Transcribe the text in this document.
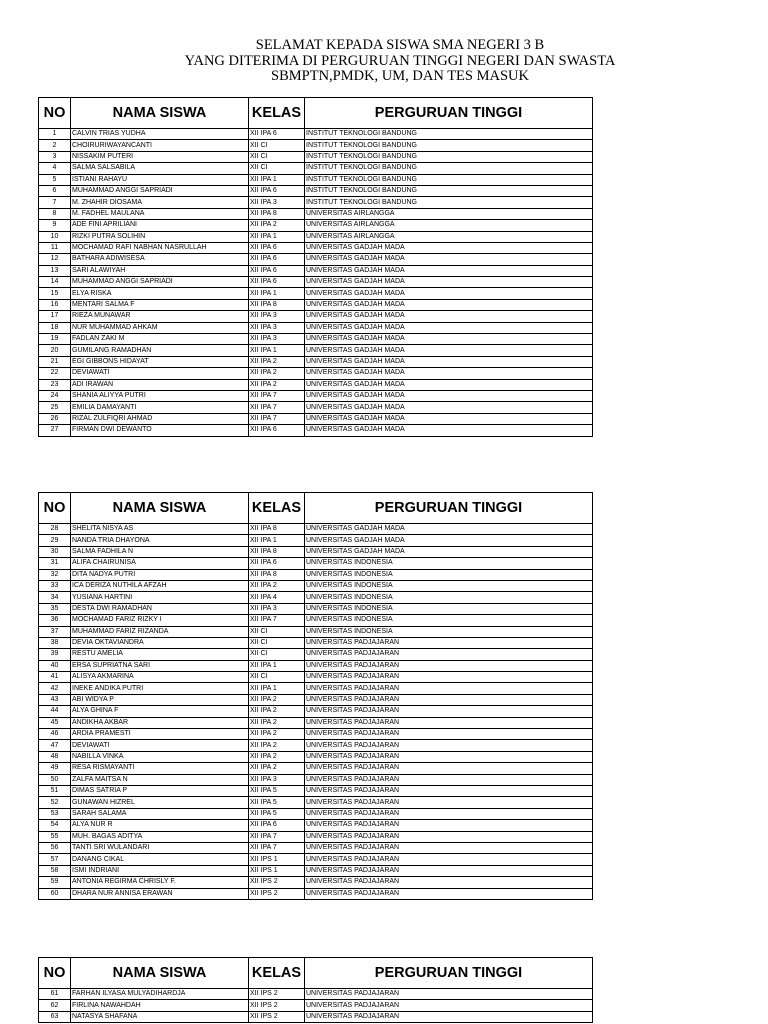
SELAMAT KEPADA SISWA SMA NEGERI 3 B
YANG DITERIMA DI PERGURUAN TINGGI NEGERI DAN SWASTA
SBMPTN,PMDK, UM, DAN TES MASUK
NO	NAMA SISWA	KELAS	PERGURUAN TINGGI
1	CALVIN TRIAS YUDHA	XII IPA 6	INSTITUT TEKNOLOGI BANDUNG
2	CHOIRURIWAYANCANTI	XII CI	INSTITUT TEKNOLOGI BANDUNG
3	NISSAKIM PUTERI	XII CI	INSTITUT TEKNOLOGI BANDUNG
4	SALMA SALSABILA	XII CI	INSTITUT TEKNOLOGI BANDUNG
5	ISTIANI RAHAYU	XII IPA 1	INSTITUT TEKNOLOGI BANDUNG
6	MUHAMMAD ANGGI SAPRIADI	XII IPA 6	INSTITUT TEKNOLOGI BANDUNG
7	M. ZHAHIR DIOSAMA	XII IPA 3	INSTITUT TEKNOLOGI BANDUNG
8	M. FADHEL MAULANA	XII IPA 8	UNIVERSITAS AIRLANGGA
9	ADE FINI APRILIANI	XII IPA 2	UNIVERSITAS AIRLANGGA
10	RIZKI PUTRA SOLIHIN	XII IPA 1	UNIVERSITAS AIRLANGGA
11	MOCHAMAD RAFI NABHAN NASRULLAH	XII IPA 6	UNIVERSITAS GADJAH MADA
12	BATHARA ADIWISESA	XII IPA 6	UNIVERSITAS GADJAH MADA
13	SARI ALAWIYAH	XII IPA 6	UNIVERSITAS GADJAH MADA
14	MUHAMMAD ANGGI SAPRIADI	XII IPA 6	UNIVERSITAS GADJAH MADA
15	ELYA RISKA	XII IPA 1	UNIVERSITAS GADJAH MADA
16	MENTARI SALMA F	XII IPA 8	UNIVERSITAS GADJAH MADA
17	RIEZA MUNAWAR	XII IPA 3	UNIVERSITAS GADJAH MADA
18	NUR MUHAMMAD AHKAM	XII IPA 3	UNIVERSITAS GADJAH MADA
19	FADLAN ZAKI M	XII IPA 3	UNIVERSITAS GADJAH MADA
20	GUMILANG RAMADHAN	XII IPA 1	UNIVERSITAS GADJAH MADA
21	EGI GIBBONS HIDAYAT	XII IPA 2	UNIVERSITAS GADJAH MADA
22	DEVIAWATI	XII IPA 2	UNIVERSITAS GADJAH MADA
23	ADI IRAWAN	XII IPA 2	UNIVERSITAS GADJAH MADA
24	SHANIA ALIYYA PUTRI	XII IPA 7	UNIVERSITAS GADJAH MADA
25	EMILIA DAMAYANTI	XII IPA 7	UNIVERSITAS GADJAH MADA
26	RIZAL ZULFIQRI AHMAD	XII IPA 7	UNIVERSITAS GADJAH MADA
27	FIRMAN DWI DEWANTO	XII IPA 6	UNIVERSITAS GADJAH MADA
NO	NAMA SISWA	KELAS	PERGURUAN TINGGI
28	SHELITA NISYA AS	XII IPA 8	UNIVERSITAS GADJAH MADA
29	NANDA TRIA DHAYONA	XII IPA 1	UNIVERSITAS GADJAH MADA
30	SALMA FADHILA N	XII IPA 8	UNIVERSITAS GADJAH MADA
31	ALIFA CHAIRUNISA	XII IPA 6	UNIVERSITAS INDONESIA
32	DITA NADYA PUTRI	XII IPA 8	UNIVERSITAS INDONESIA
33	ICA DERIZA NUTHILA AFZAH	XII IPA 2	UNIVERSITAS INDONESIA
34	YUSIANA HARTINI	XII IPA 4	UNIVERSITAS INDONESIA
35	DESTA DWI RAMADHAN	XII IPA 3	UNIVERSITAS INDONESIA
36	MOCHAMAD FARIZ RIZKY I	XII IPA 7	UNIVERSITAS INDONESIA
37	MUHAMMAD FARIZ RIZANDA	XII CI	UNIVERSITAS INDONESIA
38	DEVIA OKTAVIANDRA	XII CI	UNIVERSITAS PADJAJARAN
39	RESTU AMELIA	XII CI	UNIVERSITAS PADJAJARAN
40	ERSA SUPRIATNA SARI	XII IPA 1	UNIVERSITAS PADJAJARAN
41	ALISYA AKMARINA	XII CI	UNIVERSITAS PADJAJARAN
42	INEKE ANDIKA PUTRI	XII IPA 1	UNIVERSITAS PADJAJARAN
43	ABI WIDYA P	XII IPA 2	UNIVERSITAS PADJAJARAN
44	ALYA GHINA F	XII IPA 2	UNIVERSITAS PADJAJARAN
45	ANDIKHA AKBAR	XII IPA 2	UNIVERSITAS PADJAJARAN
46	ARDIA PRAMESTI	XII IPA 2	UNIVERSITAS PADJAJARAN
47	DEVIAWATI	XII IPA 2	UNIVERSITAS PADJAJARAN
48	NABILLA VINKA	XII IPA 2	UNIVERSITAS PADJAJARAN
49	RESA RISMAYANTI	XII IPA 2	UNIVERSITAS PADJAJARAN
50	ZALFA MAITSA N	XII IPA 3	UNIVERSITAS PADJAJARAN
51	DIMAS SATRIA P	XII IPA 5	UNIVERSITAS PADJAJARAN
52	GUNAWAN HIZREL	XII IPA 5	UNIVERSITAS PADJAJARAN
53	SARAH SALAMA	XII IPA 5	UNIVERSITAS PADJAJARAN
54	ALYA NUR R	XII IPA 6	UNIVERSITAS PADJAJARAN
55	MUH. BAGAS ADITYA	XII IPA 7	UNIVERSITAS PADJAJARAN
56	TANTI SRI WULANDARI	XII IPA 7	UNIVERSITAS PADJAJARAN
57	DANANG CIKAL	XII IPS 1	UNIVERSITAS PADJAJARAN
58	ISMI INDRIANI	XII IPS 1	UNIVERSITAS PADJAJARAN
59	ANTONIA REGIRMA CHRISLY F.	XII IPS 2	UNIVERSITAS PADJAJARAN
60	DHARA NUR ANNISA ERAWAN	XII IPS 2	UNIVERSITAS PADJAJARAN
NO	NAMA SISWA	KELAS	PERGURUAN TINGGI
61	FARHAN ILYASA MULYADIHARDJA	XII IPS 2	UNIVERSITAS PADJAJARAN
62	FIRLINA NAWAHDAH	XII IPS 2	UNIVERSITAS PADJAJARAN
63	NATASYA SHAFANA	XII IPS 2	UNIVERSITAS PADJAJARAN
